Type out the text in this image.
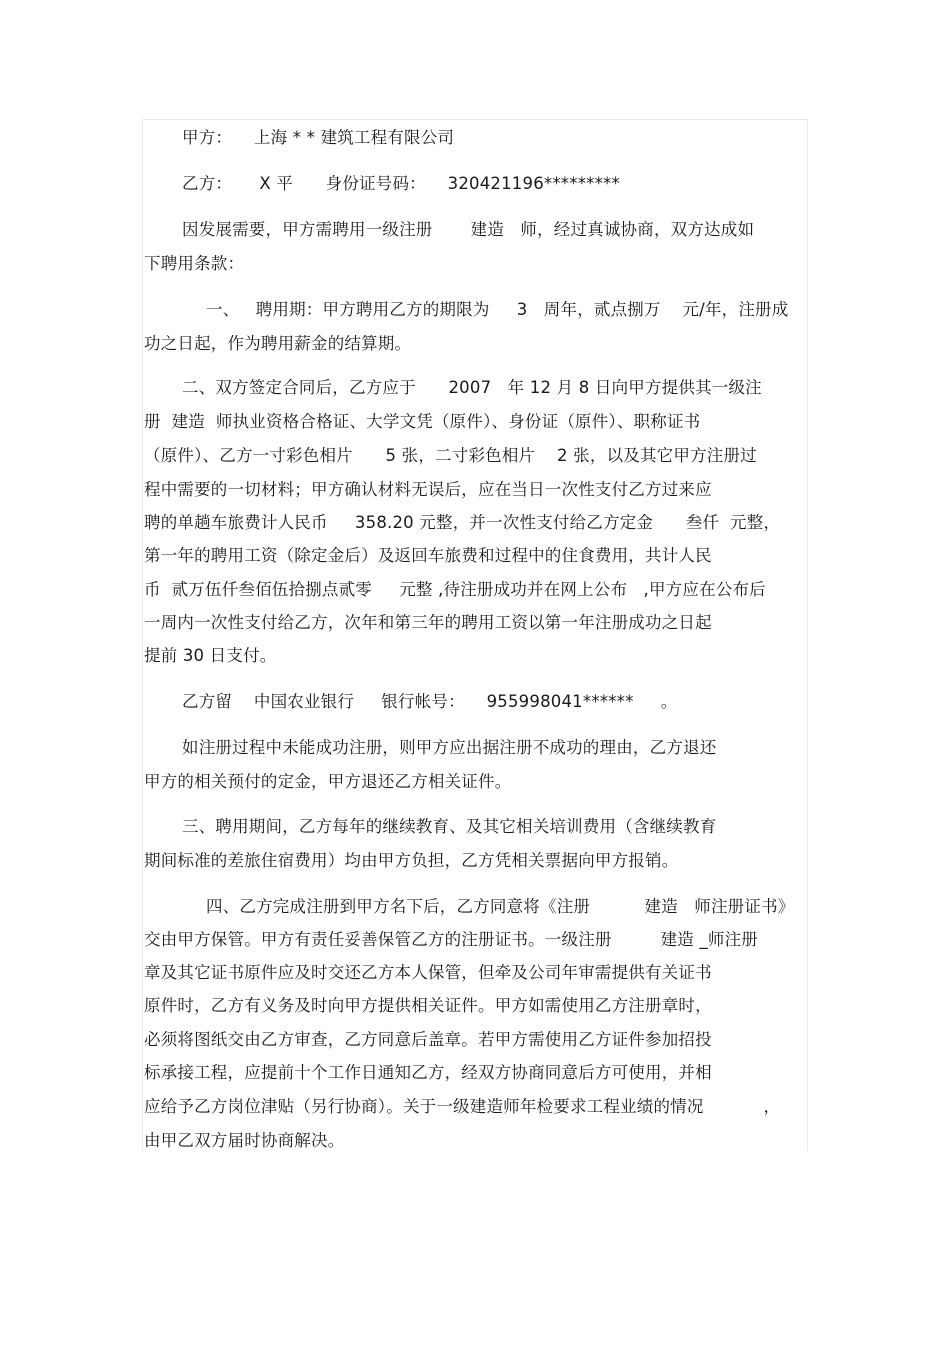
甲方：    上海 * * 建筑工程有限公司
乙方：     X 平      身份证号码：    320421196*********
因发展需要，甲方需聘用一级注册       建造   师，经过真诚协商，双方达成如
下聘用条款：
一、   聘用期：甲方聘用乙方的期限为     3   周年，贰点捌万    元/年，注册成
功之日起，作为聘用薪金的结算期。
二、双方签定合同后，乙方应于      2007   年 12 月 8 日向甲方提供其一级注
册  建造  师执业资格合格证、大学文凭（原件）、身份证（原件）、职称证书
（原件）、乙方一寸彩色相片      5 张，二寸彩色相片    2 张，以及其它甲方注册过
程中需要的一切材料；甲方确认材料无误后，应在当日一次性支付乙方过来应
聘的单趟车旅费计人民币     358.20 元整，并一次性支付给乙方定金      叁仟  元整，
第一年的聘用工资（除定金后）及返回车旅费和过程中的住食费用，共计人民
币  贰万伍仟叁佰伍拾捌点贰零     元整 ,待注册成功并在网上公布   ,甲方应在公布后
一周内一次性支付给乙方，次年和第三年的聘用工资以第一年注册成功之日起
提前 30 日支付。
乙方留    中国农业银行     银行帐号：    955998041******     。
如注册过程中未能成功注册，则甲方应出据注册不成功的理由，乙方退还
甲方的相关预付的定金，甲方退还乙方相关证件。
三、聘用期间，乙方每年的继续教育、及其它相关培训费用（含继续教育
期间标准的差旅住宿费用）均由甲方负担，乙方凭相关票据向甲方报销。
四、乙方完成注册到甲方名下后，乙方同意将《注册          建造   师注册证书》
交由甲方保管。甲方有责任妥善保管乙方的注册证书。一级注册         建造 _师注册
章及其它证书原件应及时交还乙方本人保管，但牵及公司年审需提供有关证书
原件时，乙方有义务及时向甲方提供相关证件。甲方如需使用乙方注册章时，
必须将图纸交由乙方审查，乙方同意后盖章。若甲方需使用乙方证件参加招投
标承接工程，应提前十个工作日通知乙方，经双方协商同意后方可使用，并相
应给予乙方岗位津贴（另行协商）。关于一级建造师年检要求工程业绩的情况           ，
由甲乙双方届时协商解决。
